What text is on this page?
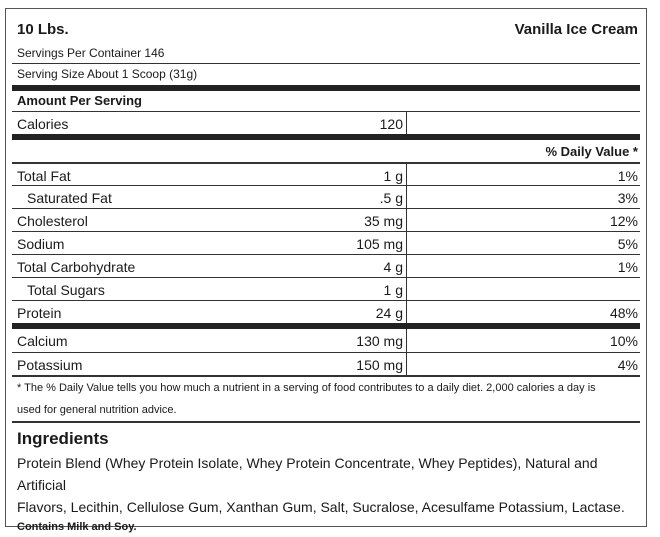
10 Lbs.	Vanilla Ice Cream
Servings Per Container 146
Serving Size About 1 Scoop (31g)
Amount Per Serving
Calories	120
% Daily Value *
Total Fat	1 g	1%
Saturated Fat	.5 g	3%
Cholesterol	35 mg	12%
Sodium	105 mg	5%
Total Carbohydrate	4 g	1%
Total Sugars	1 g
Protein	24 g	48%
Calcium	130 mg	10%
Potassium	150 mg	4%
* The % Daily Value tells you how much a nutrient in a serving of food contributes to a daily diet. 2,000 calories a day is
used for general nutrition advice.
Ingredients
Protein Blend (Whey Protein Isolate, Whey Protein Concentrate, Whey Peptides), Natural and Artificial
Flavors, Lecithin, Cellulose Gum, Xanthan Gum, Salt, Sucralose, Acesulfame Potassium, Lactase.
Contains Milk and Soy.
